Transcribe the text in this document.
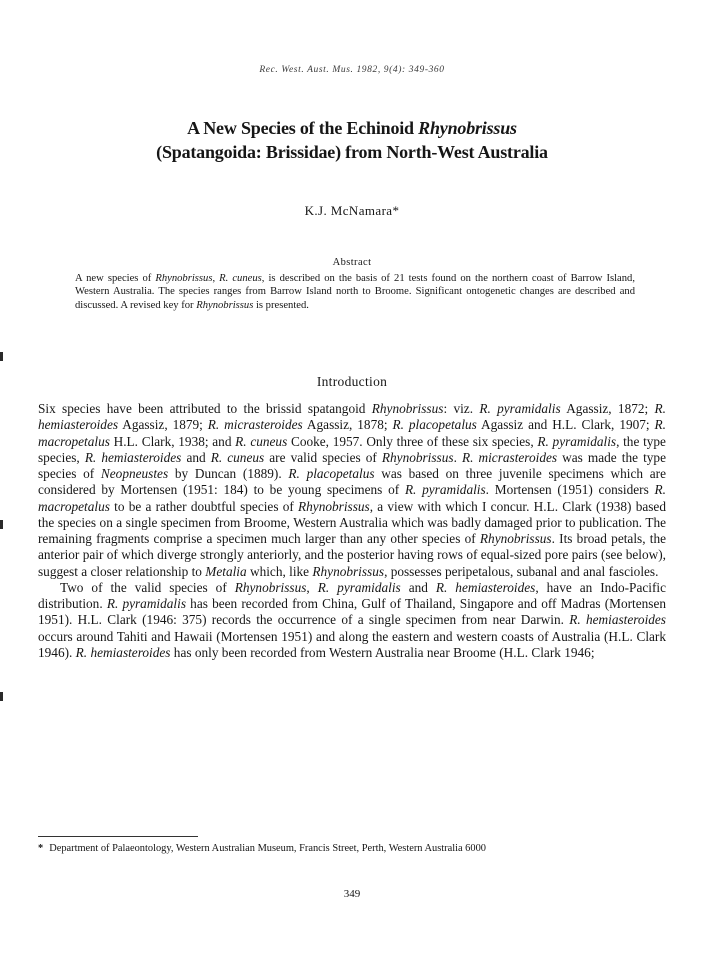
Rec. West. Aust. Mus. 1982, 9(4): 349-360
A New Species of the Echinoid Rhynobrissus
(Spatangoida: Brissidae) from North-West Australia
K.J. McNamara*
Abstract
A new species of Rhynobrissus, R. cuneus, is described on the basis of 21 tests found on the northern coast of Barrow Island, Western Australia. The species ranges from Barrow Island north to Broome. Significant ontogenetic changes are described and discussed. A revised key for Rhynobrissus is presented.
Introduction

Six species have been attributed to the brissid spatangoid Rhynobrissus: viz. R. pyramidalis Agassiz, 1872; R. hemiasteroides Agassiz, 1879; R. micrasteroides Agassiz, 1878; R. placopetalus Agassiz and H.L. Clark, 1907; R. macropetalus H.L. Clark, 1938; and R. cuneus Cooke, 1957. Only three of these six species, R. pyramidalis, the type species, R. hemiasteroides and R. cuneus are valid species of Rhynobrissus. R. micrasteroides was made the type species of Neopneustes by Duncan (1889). R. placopetalus was based on three juvenile specimens which are considered by Mortensen (1951: 184) to be young specimens of R. pyramidalis. Mortensen (1951) considers R. macropetalus to be a rather doubtful species of Rhynobrissus, a view with which I concur. H.L. Clark (1938) based the species on a single specimen from Broome, Western Australia which was badly damaged prior to publication. The remaining fragments comprise a specimen much larger than any other species of Rhynobrissus. Its broad petals, the anterior pair of which diverge strongly anteriorly, and the posterior having rows of equal-sized pore pairs (see below), suggest a closer relationship to Metalia which, like Rhynobrissus, possesses peripetalous, subanal and anal fascioles.

Two of the valid species of Rhynobrissus, R. pyramidalis and R. hemiasteroides, have an Indo-Pacific distribution. R. pyramidalis has been recorded from China, Gulf of Thailand, Singapore and off Madras (Mortensen 1951). H.L. Clark (1946: 375) records the occurrence of a single specimen from near Darwin. R. hemiasteroides occurs around Tahiti and Hawaii (Mortensen 1951) and along the eastern and western coasts of Australia (H.L. Clark 1946). R. hemiasteroides has only been recorded from Western Australia near Broome (H.L. Clark 1946;

* Department of Palaeontology, Western Australian Museum, Francis Street, Perth, Western Australia 6000
349
